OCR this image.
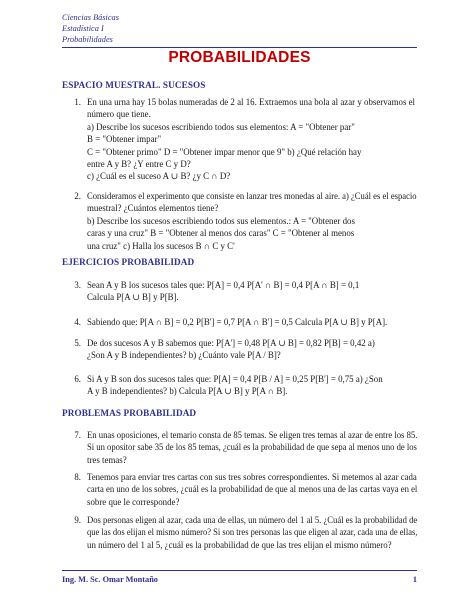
Ciencias Básicas
Estadística I
Probabilidades
PROBABILIDADES
ESPACIO MUESTRAL. SUCESOS
1. En una urna hay 15 bolas numeradas de 2 al 16. Extraemos una bola al azar y observamos el
número que tiene.
a) Describe los sucesos escribiendo todos sus elementos: A = "Obtener par"
B = "Obtener impar"
C = "Obtener primo" D = "Obtener impar menor que 9" b) ¿Qué relación hay
entre A y B? ¿Y entre C y D?
c) ¿Cuál es el suceso A ∪ B? ¿y C ∩ D?
2. Consideramos el experimento que consiste en lanzar tres monedas al aire. a) ¿Cuál es el espacio
muestral? ¿Cuántos elementos tiene?
b) Describe los sucesos escribiendo todos sus elementos.: A = "Obtener dos
caras y una cruz" B = "Obtener al menos dos caras" C = "Obtener al menos
una cruz" c) Halla los sucesos B ∩ C y C'
EJERCICIOS PROBABILIDAD
3. Sean A y B los sucesos tales que: P[A] = 0,4 P[A' ∩ B] = 0,4 P[A ∩ B] = 0,1
Calcula P[A ∪ B] y P[B].
4. Sabiendo que: P[A ∩ B] = 0,2 P[B'] = 0,7 P[A ∩ B'] = 0,5 Calcula P[A ∪ B] y P[A].
5. De dos sucesos A y B sabemos que: P[A'] = 0,48 P[A ∪ B] = 0,82 P[B] = 0,42 a)
¿Son A y B independientes? b) ¿Cuánto vale P[A / B]?
6. Si A y B son dos sucesos tales que: P[A] = 0,4 P[B / A] = 0,25 P[B'] = 0,75 a) ¿Son
A y B independientes? b) Calcula P[A ∪ B] y P[A ∩ B].
PROBLEMAS PROBABILIDAD
7. En unas oposiciones, el temario consta de 85 temas. Se eligen tres temas al azar de entre los 85.
Si un opositor sabe 35 de los 85 temas, ¿cuál es la probabilidad de que sepa al menos uno de los
tres temas?
8. Tenemos para enviar tres cartas con sus tres sobres correspondientes. Si metemos al azar cada
carta en uno de los sobres, ¿cuál es la probabilidad de que al menos una de las cartas vaya en el
sobre que le corresponde?
9. Dos personas eligen al azar, cada una de ellas, un número del 1 al 5. ¿Cuál es la probabilidad de
que las dos elijan el mismo número? Si son tres personas las que eligen al azar, cada una de ellas,
un número del 1 al 5, ¿cuál es la probabilidad de que las tres elijan el mismo número?
Ing. M. Sc. Omar Montaño	1
